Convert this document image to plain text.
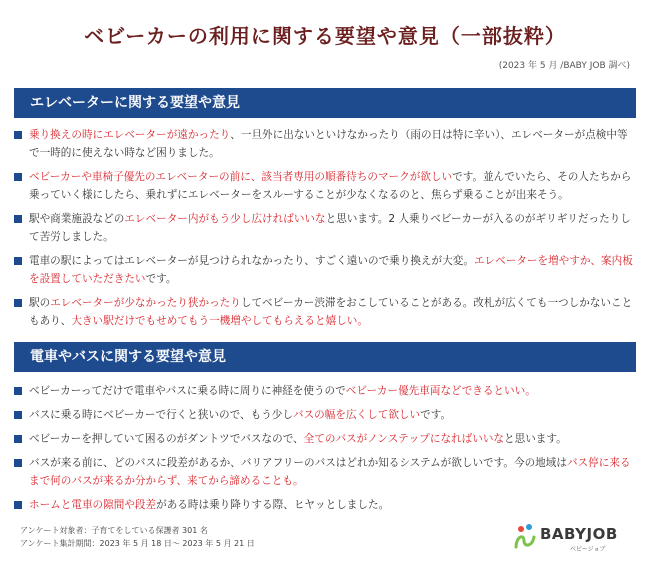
ベビーカーの利用に関する要望や意見（一部抜粋）
(2023 年 5 月 /BABY JOB 調べ)
エレベーターに関する要望や意見
乗り換えの時にエレベーターが遠かったり、一旦外に出ないといけなかったり（雨の日は特に辛い）、エレベーターが点検中等で一時的に使えない時など困りました。
ベビーカーや車椅子優先のエレベーターの前に、該当者専用の順番待ちのマークが欲しいです。並んでいたら、その人たちから乗っていく様にしたら、乗れずにエレベーターをスルーすることが少なくなるのと、焦らず乗ることが出来そう。
駅や商業施設などのエレベーター内がもう少し広ければいいなと思います。2 人乗りベビーカーが入るのがギリギリだったりして苦労しました。
電車の駅によってはエレベーターが見つけられなかったり、すごく遠いので乗り換えが大変。エレベーターを増やすか、案内板を設置していただきたいです。
駅のエレベーターが少なかったり狭かったりしてベビーカー渋滞をおこしていることがある。改札が広くても一つしかないこともあり、大きい駅だけでもせめてもう一機増やしてもらえると嬉しい。
電車やバスに関する要望や意見
ベビーカーってだけで電車やバスに乗る時に周りに神経を使うのでベビーカー優先車両などできるといい。
バスに乗る時にベビーカーで行くと狭いので、もう少しバスの幅を広くして欲しいです。
ベビーカーを押していて困るのがダントツでバスなので、全てのバスがノンステップになればいいなと思います。
バスが来る前に、どのバスに段差があるか、バリアフリーのバスはどれか知るシステムが欲しいです。今の地域はバス停に来るまで何のバスが来るか分からず、来てから諦めることも。
ホームと電車の隙間や段差がある時は乗り降りする際、ヒヤッとしました。
アンケート対象者：子育てをしている保護者 301 名
アンケート集計期間：2023 年 5 月 18 日〜 2023 年 5 月 21 日
BABYJOB
ベビージョブ
